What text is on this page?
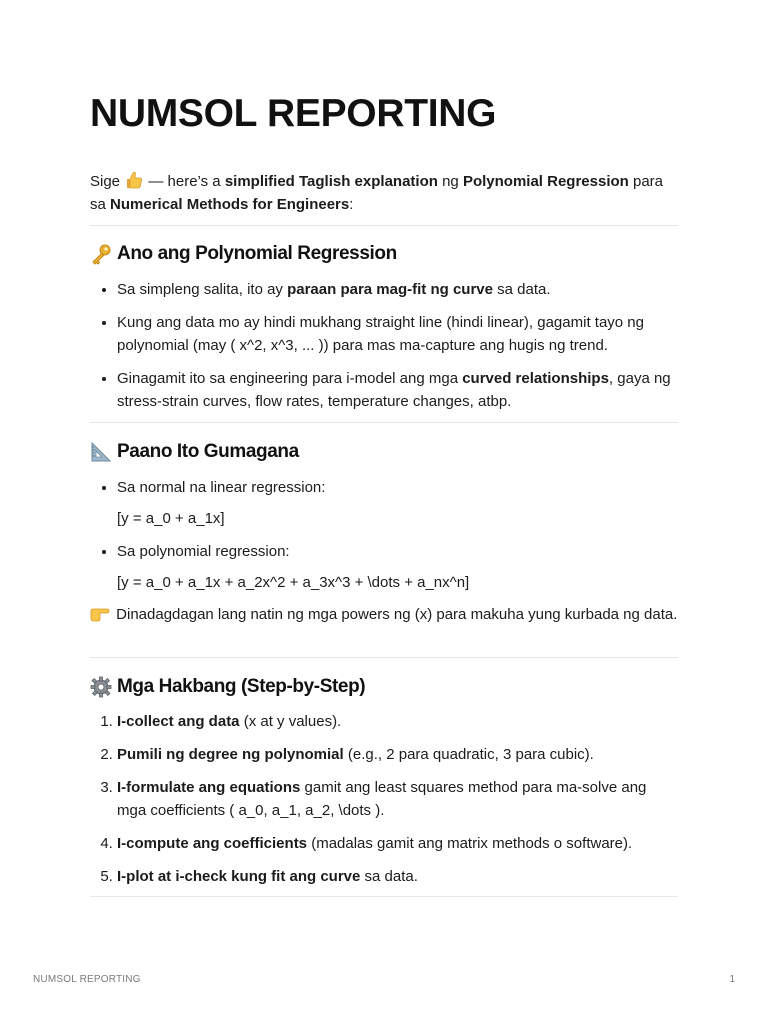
NUMSOL REPORTING

Sige  — here’s a simplified Taglish explanation ng Polynomial Regression para sa Numerical Methods for Engineers:

Ano ang Polynomial Regression
• Sa simpleng salita, ito ay paraan para mag-fit ng curve sa data.
• Kung ang data mo ay hindi mukhang straight line (hindi linear), gagamit tayo ng polynomial (may ( x^2, x^3, ... )) para mas ma-capture ang hugis ng trend.
• Ginagamit ito sa engineering para i-model ang mga curved relationships, gaya ng stress-strain curves, flow rates, temperature changes, atbp.
Paano Ito Gumagana
• Sa normal na linear regression:

[y = a_0 + a_1x]

• Sa polynomial regression:

[y = a_0 + a_1x + a_2x^2 + a_3x^3 + \dots + a_nx^n]

Dinadagdagan lang natin ng mga powers ng (x) para makuha yung kurbada ng data.

Mga Hakbang (Step-by-Step)
1. I-collect ang data (x at y values).
2. Pumili ng degree ng polynomial (e.g., 2 para quadratic, 3 para cubic).
3. I-formulate ang equations gamit ang least squares method para ma-solve ang mga coefficients ( a_0, a_1, a_2, \dots ).
4. I-compute ang coefficients (madalas gamit ang matrix methods o software).
5. I-plot at i-check kung fit ang curve sa data.
NUMSOL REPORTING	1
